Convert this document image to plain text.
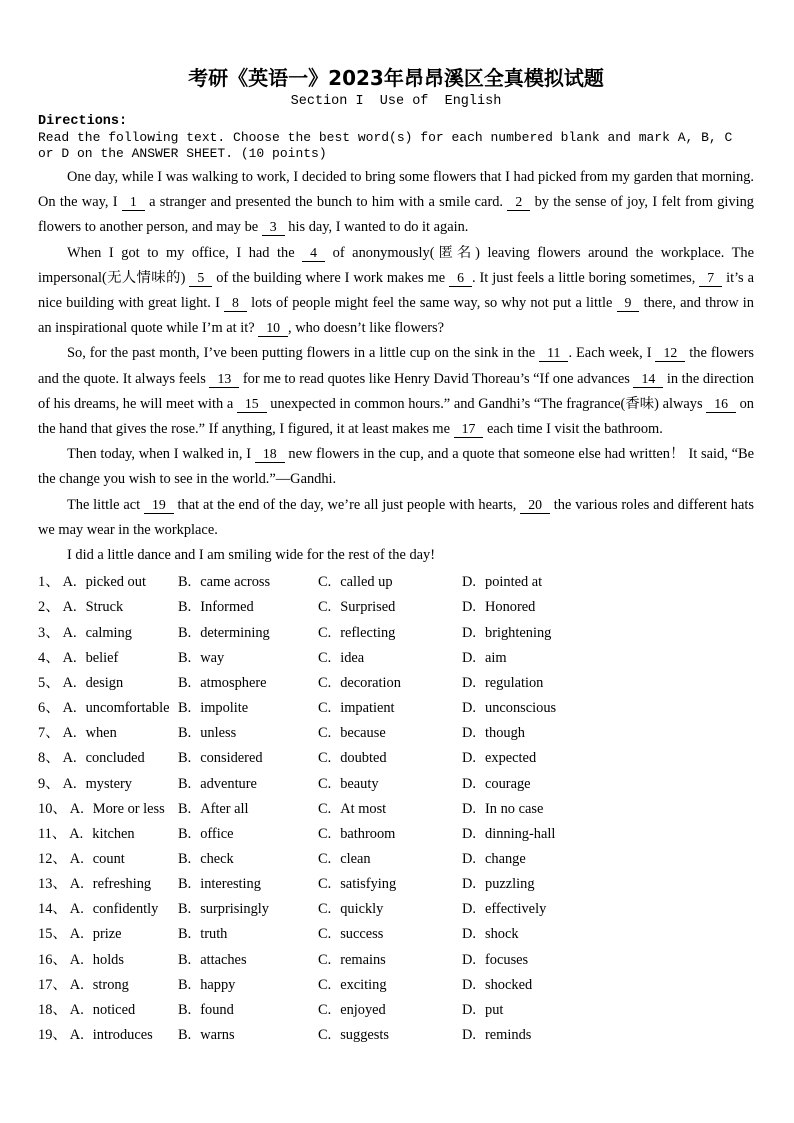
考研《英语一》2023年昂昂溪区全真模拟试题
Section I  Use of  English
Directions:
Read the following text. Choose the best word(s) for each numbered blank and mark A, B, C or D on the ANSWER SHEET. (10 points)

One day, while I was walking to work, I decided to bring some flowers that I had picked from my garden that morning. On the way, I 1 a stranger and presented the bunch to him with a smile card. 2 by the sense of joy, I felt from giving flowers to another person, and may be 3 his day, I wanted to do it again.

When I got to my office, I had the 4 of anonymously(匿名) leaving flowers around the workplace. The impersonal(无人情味的) 5 of the building where I work makes me 6 . It just feels a little boring sometimes, 7 it’s a nice building with great light. I 8 lots of people might feel the same way, so why not put a little 9 there, and throw in an inspirational quote while I’m at it? 10 , who doesn’t like flowers?

So, for the past month, I’ve been putting flowers in a little cup on the sink in the 11 . Each week, I 12 the flowers and the quote. It always feels 13 for me to read quotes like Henry David Thoreau’s “If one advances 14 in the direction of his dreams, he will meet with a 15 unexpected in common hours.” and Gandhi’s “The fragrance(香味) always 16 on the hand that gives the rose.” If anything, I figured, it at least makes me 17 each time I visit the bathroom.

Then today, when I walked in, I 18 new flowers in the cup, and a quote that someone else had written！ It said, “Be the change you wish to see in the world.”—Gandhi.

The little act 19 that at the end of the day, we’re all just people with hearts, 20 the various roles and different hats we may wear in the workplace.

I did a little dance and I am smiling wide for the rest of the day!

1、 A. picked out	B. came across	C. called up	D. pointed at
2、 A. Struck	B. Informed	C. Surprised	D. Honored
3、 A. calming	B. determining	C. reflecting	D. brightening
4、 A. belief	B. way	C. idea	D. aim
5、 A. design	B. atmosphere	C. decoration	D. regulation
6、 A. uncomfortable B. impolite	C. impatient	D. unconscious
7、 A. when	B. unless	C. because	D. though
8、 A. concluded	B. considered	C. doubted	D. expected
9、 A. mystery	B. adventure	C. beauty	D. courage
10、 A. More or less B. After all	C. At most	D. In no case
11、 A. kitchen	B. office	C. bathroom	D. dinning-hall
12、 A. count	B. check	C. clean	D. change
13、 A. refreshing	B. interesting	C. satisfying	D. puzzling
14、 A. confidently	B. surprisingly	C. quickly	D. effectively
15、 A. prize	B. truth	C. success	D. shock
16、 A. holds	B. attaches	C. remains	D. focuses
17、 A. strong	B. happy	C. exciting	D. shocked
18、 A. noticed	B. found	C. enjoyed	D. put
19、 A. introduces	B. warns	C. suggests	D. reminds
